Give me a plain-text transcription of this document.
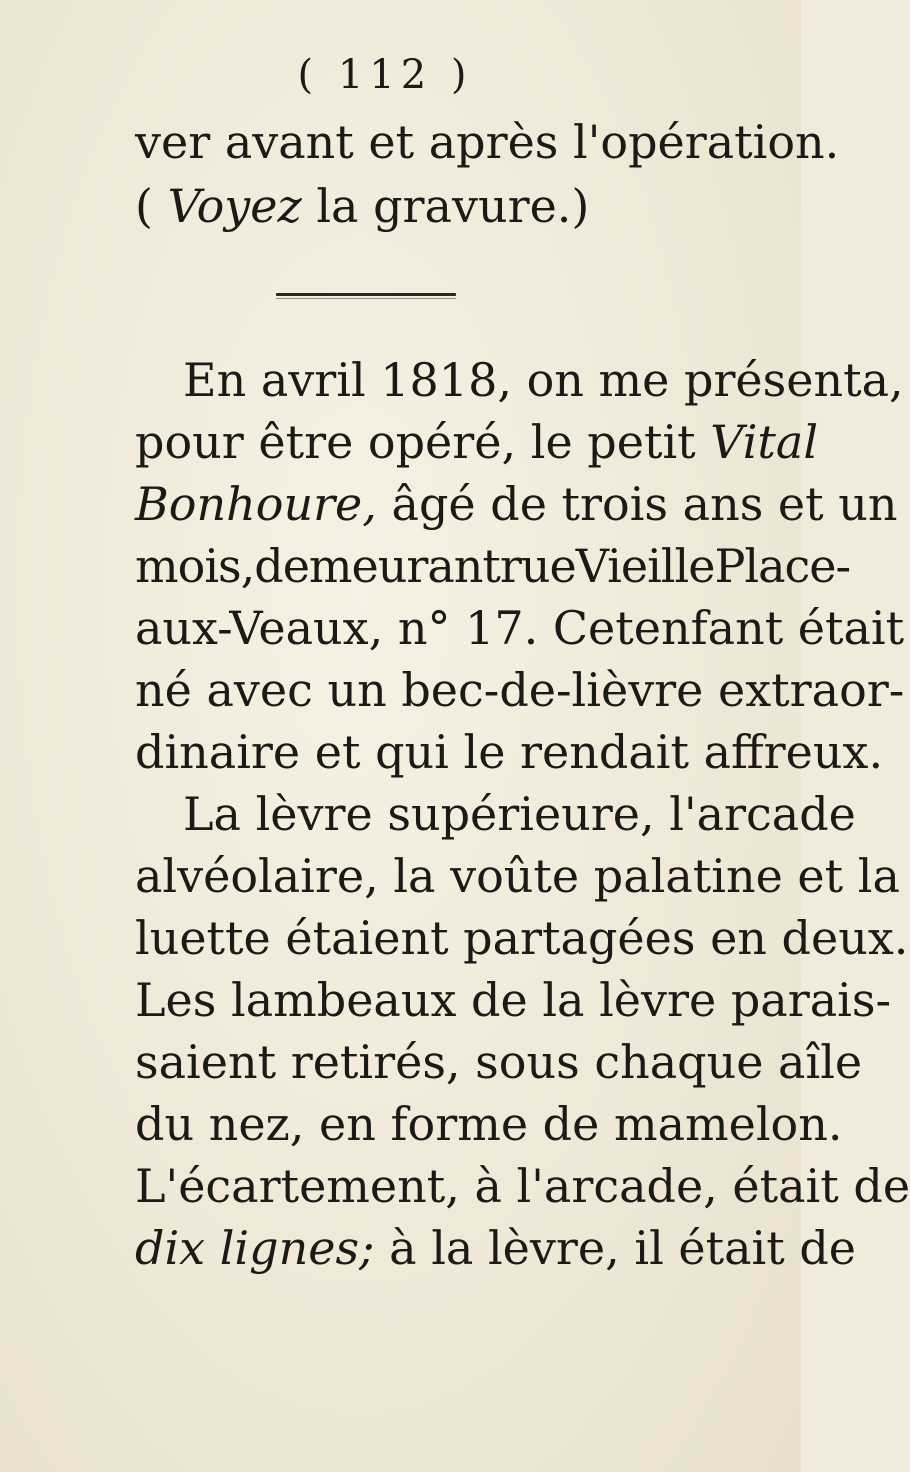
( 112 )
ver avant et après l'opération.
( Voyez la gravure.)
En avril 1818, on me présenta,
pour être opéré, le petit Vital
Bonhoure, âgé de trois ans et un
mois,demeurantrueVieillePlace-
aux-Veaux, n° 17. Cetenfant était
né avec un bec-de-lièvre extraor-
dinaire et qui le rendait affreux.
La lèvre supérieure, l'arcade
alvéolaire, la voûte palatine et la
luette étaient partagées en deux.
Les lambeaux de la lèvre parais-
saient retirés, sous chaque aîle
du nez, en forme de mamelon.
L'écartement, à l'arcade, était de
dix lignes; à la lèvre, il était de
